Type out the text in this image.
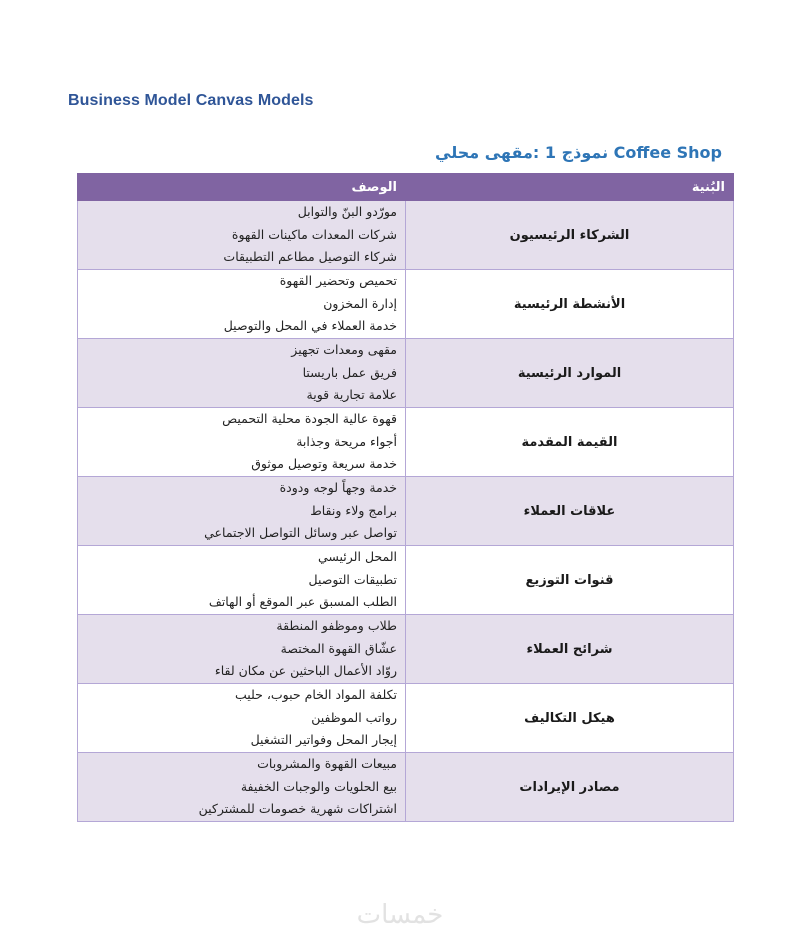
Business Model Canvas Models
Coffee Shop نموذج 1 :مقهى محلي
البُنية	الوصف
الشركاء الرئيسيون	مورّدو البنّ والتوابل
شركات المعدات ماكينات القهوة
شركاء التوصيل مطاعم التطبيقات

الأنشطة الرئيسية	تحميص وتحضير القهوة
إدارة المخزون
خدمة العملاء في المحل والتوصيل

الموارد الرئيسية	مقهى ومعدات تجهيز
فريق عمل باريستا
علامة تجارية قوية

القيمة المقدمة	قهوة عالية الجودة محلية التحميص
أجواء مريحة وجذابة
خدمة سريعة وتوصيل موثوق

علاقات العملاء	خدمة وجهاً لوجه ودودة
برامج ولاء ونقاط
تواصل عبر وسائل التواصل الاجتماعي

قنوات التوزيع	المحل الرئيسي
تطبيقات التوصيل
الطلب المسبق عبر الموقع أو الهاتف

شرائح العملاء	طلاب وموظفو المنطقة
عشّاق القهوة المختصة
روّاد الأعمال الباحثين عن مكان لقاء

هيكل التكاليف	تكلفة المواد الخام حبوب، حليب
رواتب الموظفين
إيجار المحل وفواتير التشغيل

مصادر الإيرادات	مبيعات القهوة والمشروبات
بيع الحلويات والوجبات الخفيفة
اشتراكات شهرية خصومات للمشتركين
خمسات
